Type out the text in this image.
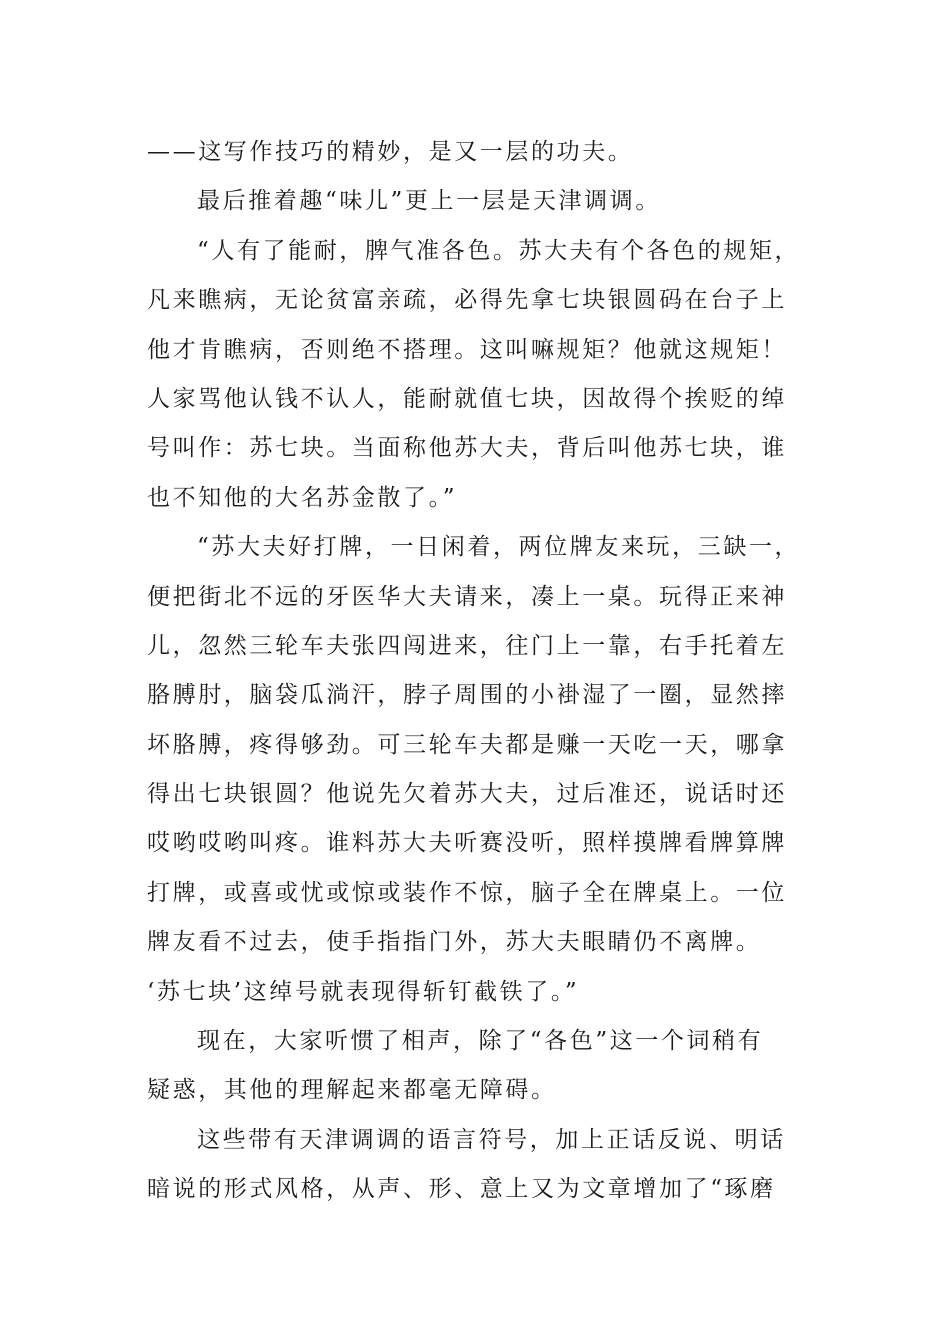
——这写作技巧的精妙，是又一层的功夫。
最后推着趣“味儿”更上一层是天津调调。
“人有了能耐，脾气准各色。苏大夫有个各色的规矩，
凡来瞧病，无论贫富亲疏，必得先拿七块银圆码在台子上
他才肯瞧病，否则绝不搭理。这叫嘛规矩？他就这规矩！
人家骂他认钱不认人，能耐就值七块，因故得个挨贬的绰
号叫作：苏七块。当面称他苏大夫，背后叫他苏七块，谁
也不知他的大名苏金散了。”
“苏大夫好打牌，一日闲着，两位牌友来玩，三缺一，
便把街北不远的牙医华大夫请来，凑上一桌。玩得正来神
儿，忽然三轮车夫张四闯进来，往门上一靠，右手托着左
胳膊肘，脑袋瓜淌汗，脖子周围的小褂湿了一圈，显然摔
坏胳膊，疼得够劲。可三轮车夫都是赚一天吃一天，哪拿
得出七块银圆？他说先欠着苏大夫，过后准还，说话时还
哎哟哎哟叫疼。谁料苏大夫听赛没听，照样摸牌看牌算牌
打牌，或喜或忧或惊或装作不惊，脑子全在牌桌上。一位
牌友看不过去，使手指指门外，苏大夫眼睛仍不离牌。
‘苏七块’这绰号就表现得斩钉截铁了。”
现在，大家听惯了相声，除了“各色”这一个词稍有
疑惑，其他的理解起来都毫无障碍。
这些带有天津调调的语言符号，加上正话反说、明话
暗说的形式风格，从声、形、意上又为文章增加了“琢磨
